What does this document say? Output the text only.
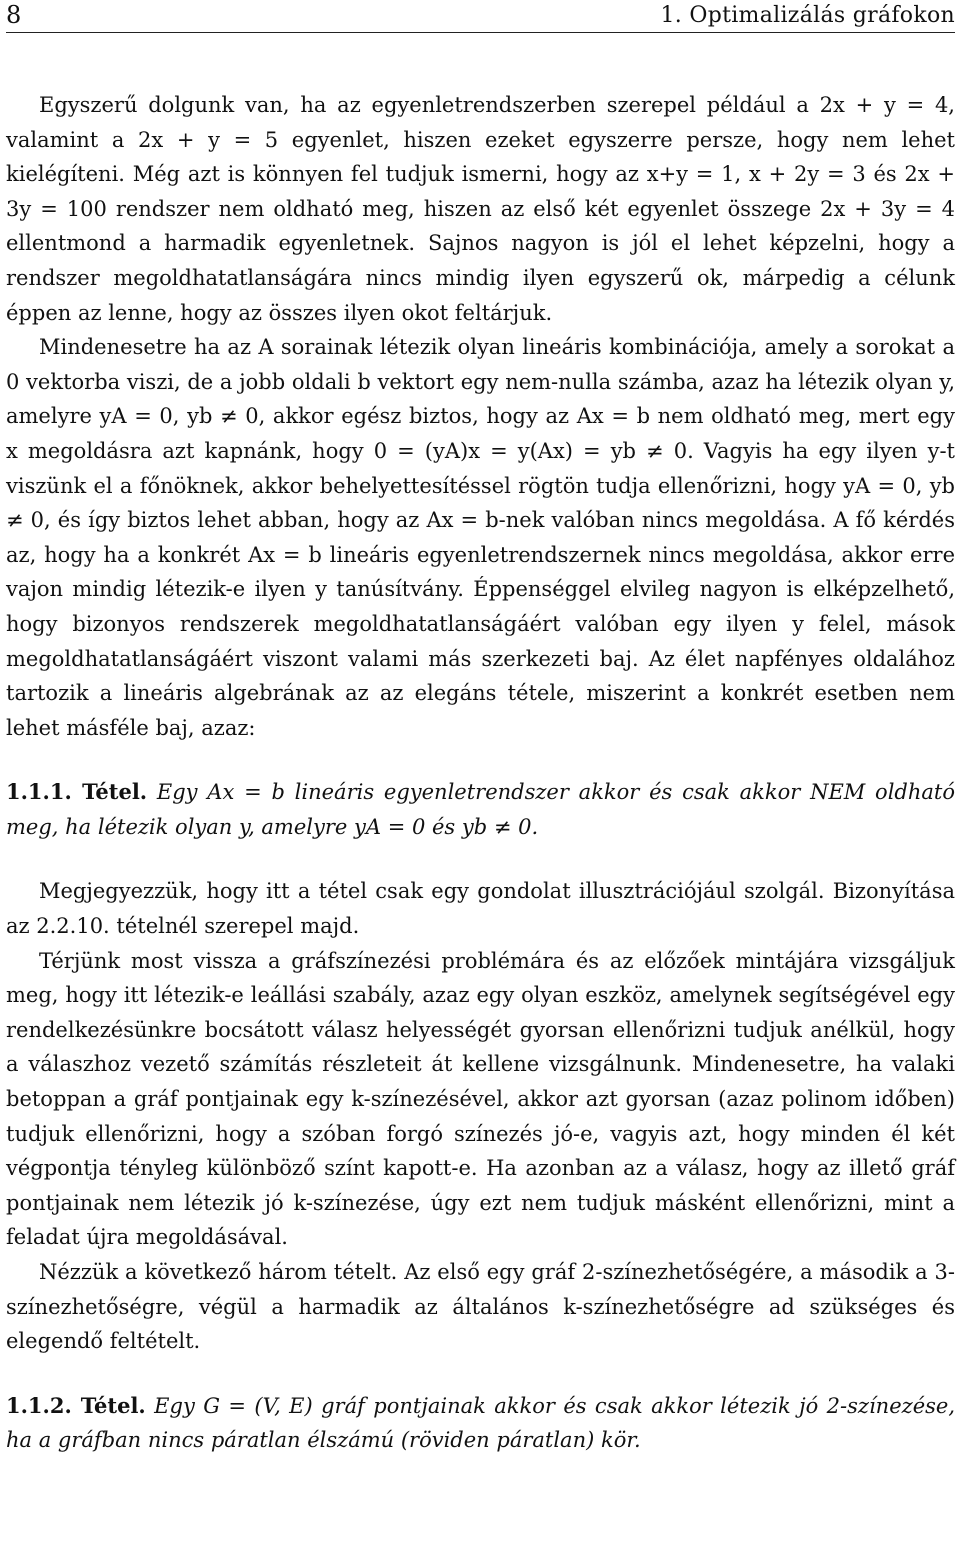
8	1. Optimalizálás gráfokon

Egyszerű dolgunk van, ha az egyenletrendszerben szerepel például a 2x + y = 4, valamint a 2x + y = 5 egyenlet, hiszen ezeket egyszerre persze, hogy nem lehet kielégíteni. Még azt is könnyen fel tudjuk ismerni, hogy az x+y = 1, x + 2y = 3 és 2x + 3y = 100 rendszer nem oldható meg, hiszen az első két egyenlet összege 2x + 3y = 4 ellentmond a harmadik egyenletnek. Sajnos nagyon is jól el lehet képzelni, hogy a rendszer megoldhatatlanságára nincs mindig ilyen egyszerű ok, márpedig a célunk éppen az lenne, hogy az összes ilyen okot feltárjuk.

Mindenesetre ha az A sorainak létezik olyan lineáris kombinációja, amely a sorokat a 0 vektorba viszi, de a jobb oldali b vektort egy nem-nulla számba, azaz ha létezik olyan y, amelyre yA = 0, yb ≠ 0, akkor egész biztos, hogy az Ax = b nem oldható meg, mert egy x megoldásra azt kapnánk, hogy 0 = (yA)x = y(Ax) = yb ≠ 0. Vagyis ha egy ilyen y-t viszünk el a főnöknek, akkor behelyettesítéssel rögtön tudja ellenőrizni, hogy yA = 0, yb ≠ 0, és így biztos lehet abban, hogy az Ax = b-nek valóban nincs megoldása. A fő kérdés az, hogy ha a konkrét Ax = b lineáris egyenletrendszernek nincs megoldása, akkor erre vajon mindig létezik-e ilyen y tanúsítvány. Éppenséggel elvileg nagyon is elképzelhető, hogy bizonyos rendszerek megoldhatatlanságáért valóban egy ilyen y felel, mások megoldhatatlanságáért viszont valami más szerkezeti baj. Az élet napfényes oldalához tartozik a lineáris algebrának az az elegáns tétele, miszerint a konkrét esetben nem lehet másféle baj, azaz:

1.1.1. Tétel. Egy Ax = b lineáris egyenletrendszer akkor és csak akkor NEM oldható meg, ha létezik olyan y, amelyre yA = 0 és yb ≠ 0.

Megjegyezzük, hogy itt a tétel csak egy gondolat illusztrációjául szolgál. Bizonyítása az 2.2.10. tételnél szerepel majd.

Térjünk most vissza a gráfszínezési problémára és az előzőek mintájára vizsgáljuk meg, hogy itt létezik-e leállási szabály, azaz egy olyan eszköz, amelynek segítségével egy rendelkezésünkre bocsátott válasz helyességét gyorsan ellenőrizni tudjuk anélkül, hogy a válaszhoz vezető számítás részleteit át kellene vizsgálnunk. Mindenesetre, ha valaki betoppan a gráf pontjainak egy k-színezésével, akkor azt gyorsan (azaz polinom időben) tudjuk ellenőrizni, hogy a szóban forgó színezés jó-e, vagyis azt, hogy minden él két végpontja tényleg különböző színt kapott-e. Ha azonban az a válasz, hogy az illető gráf pontjainak nem létezik jó k-színezése, úgy ezt nem tudjuk másként ellenőrizni, mint a feladat újra megoldásával.

Nézzük a következő három tételt. Az első egy gráf 2-színezhetőségére, a második a 3-színezhetőségre, végül a harmadik az általános k-színezhetőségre ad szükséges és elegendő feltételt.

1.1.2. Tétel. Egy G = (V, E) gráf pontjainak akkor és csak akkor létezik jó 2-színezése, ha a gráfban nincs páratlan élszámú (röviden páratlan) kör.
